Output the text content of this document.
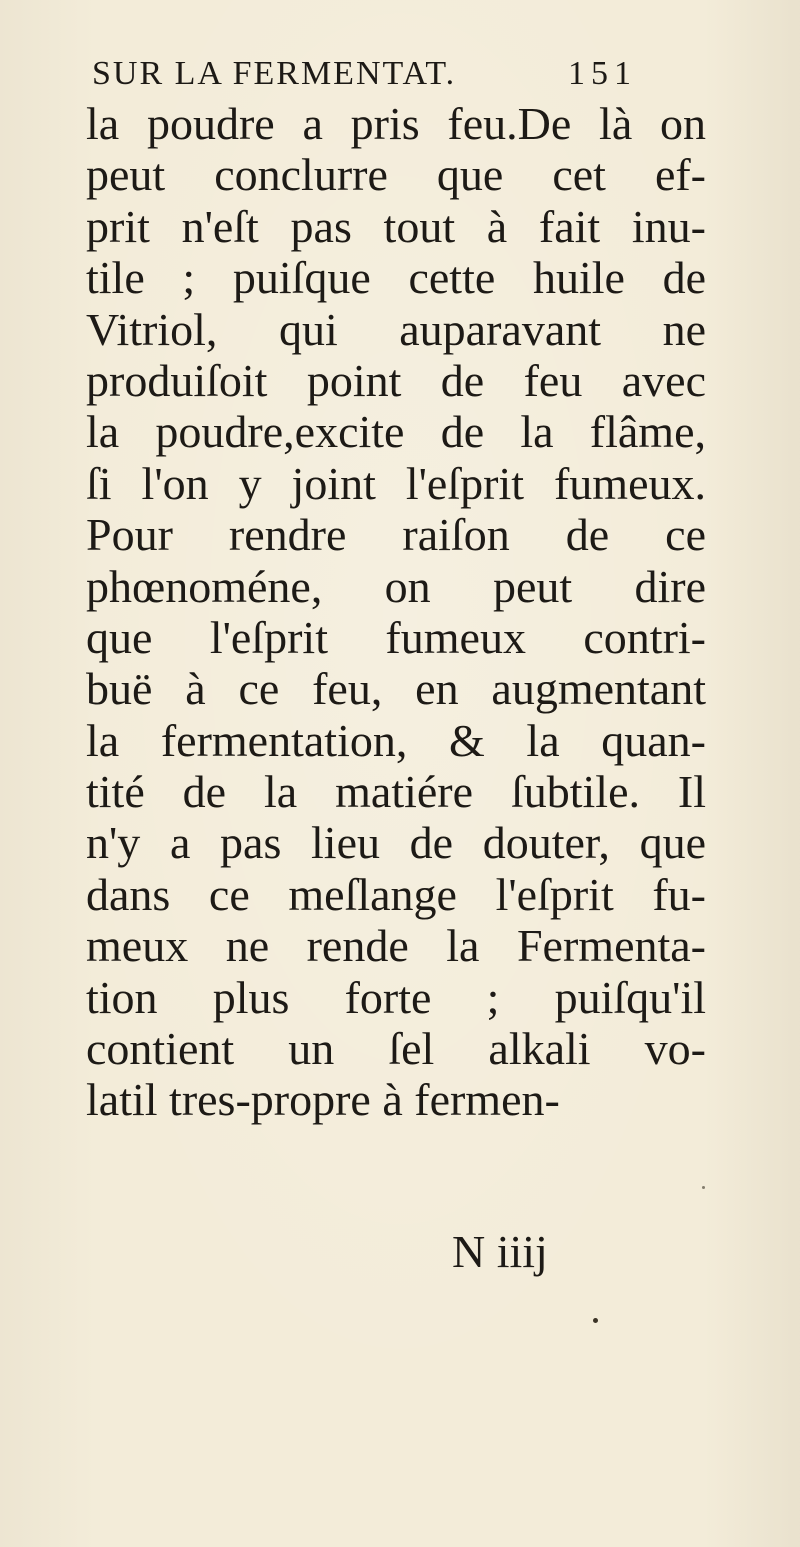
SUR LA FERMENTAT.	151
la poudre a pris feu.De là on
peut conclurre que cet ef-
prit n'eſt pas tout à fait inu-
tile ; puiſque cette huile de
Vitriol, qui auparavant ne
produiſoit point de feu avec
la poudre,excite de la flâme,
ſi l'on y joint l'eſprit fumeux.
Pour rendre raiſon de ce
phœnoméne, on peut dire
que l'eſprit fumeux contri-
buë à ce feu, en augmentant
la fermentation, & la quan-
tité de la matiére ſubtile. Il
n'y a pas lieu de douter, que
dans ce meſlange l'eſprit fu-
meux ne rende la Fermenta-
tion plus forte ; puiſqu'il
contient un ſel alkali vo-
latil tres-propre à fermen-
N iiij
